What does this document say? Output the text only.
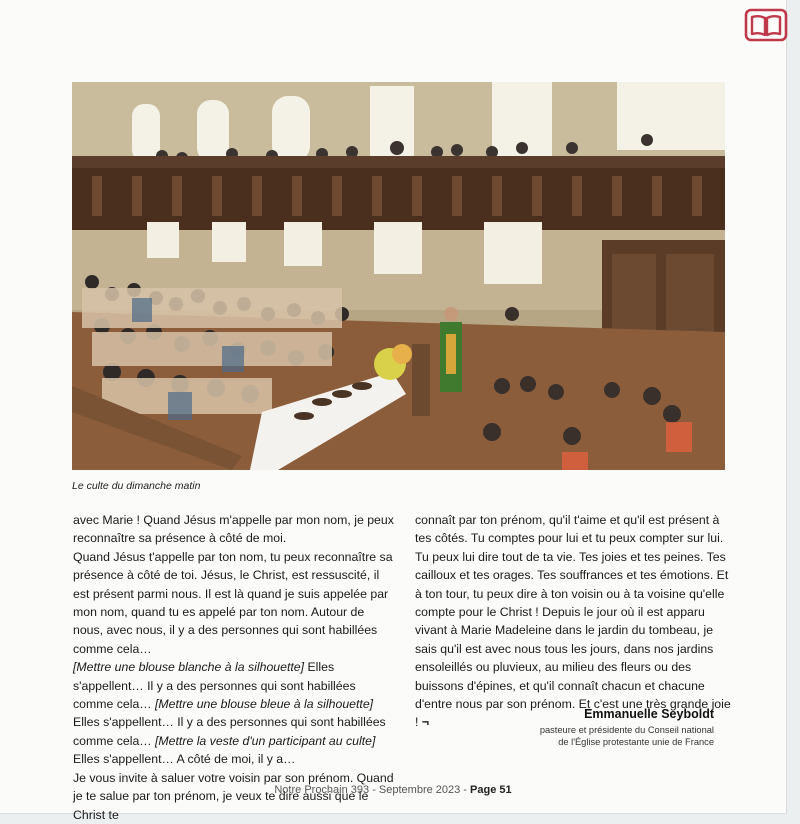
Le culte du dimanche matin

avec Marie ! Quand Jésus m'appelle par mon nom, je peux reconnaître sa présence à côté de moi.

Quand Jésus t'appelle par ton nom, tu peux reconnaître sa présence à côté de toi. Jésus, le Christ, est ressuscité, il est présent parmi nous. Il est là quand je suis appelée par mon nom, quand tu es appelé par ton nom. Autour de nous, avec nous, il y a des personnes qui sont habillées comme cela…
[Mettre une blouse blanche à la silhouette] Elles s'appellent… Il y a des personnes qui sont habillées comme cela… [Mettre une blouse bleue à la silhouette] Elles s'appellent… Il y a des personnes qui sont habillées comme cela… [Mettre la veste d'un participant au culte] Elles s'appellent… A côté de moi, il y a…

Je vous invite à saluer votre voisin par son prénom. Quand je te salue par ton prénom, je veux te dire aussi que le Christ te

connaît par ton prénom, qu'il t'aime et qu'il est présent à tes côtés. Tu comptes pour lui et tu peux compter sur lui. Tu peux lui dire tout de ta vie. Tes joies et tes peines. Tes cailloux et tes orages. Tes souffrances et tes émotions. Et à ton tour, tu peux dire à ton voisin ou à ta voisine qu'elle compte pour le Christ ! Depuis le jour où il est apparu vivant à Marie Madeleine dans le jardin du tombeau, je sais qu'il est avec nous tous les jours, dans nos jardins ensoleillés ou pluvieux, au milieu des fleurs ou des buissons d'épines, et qu'il connaît chacun et chacune d'entre nous par son prénom. Et c'est une très grande joie ! ¬

Emmanuelle Seyboldt
pasteure et présidente du Conseil national
de l'Église protestante unie de France
Notre Prochain 393 - Septembre 2023 - Page 51
